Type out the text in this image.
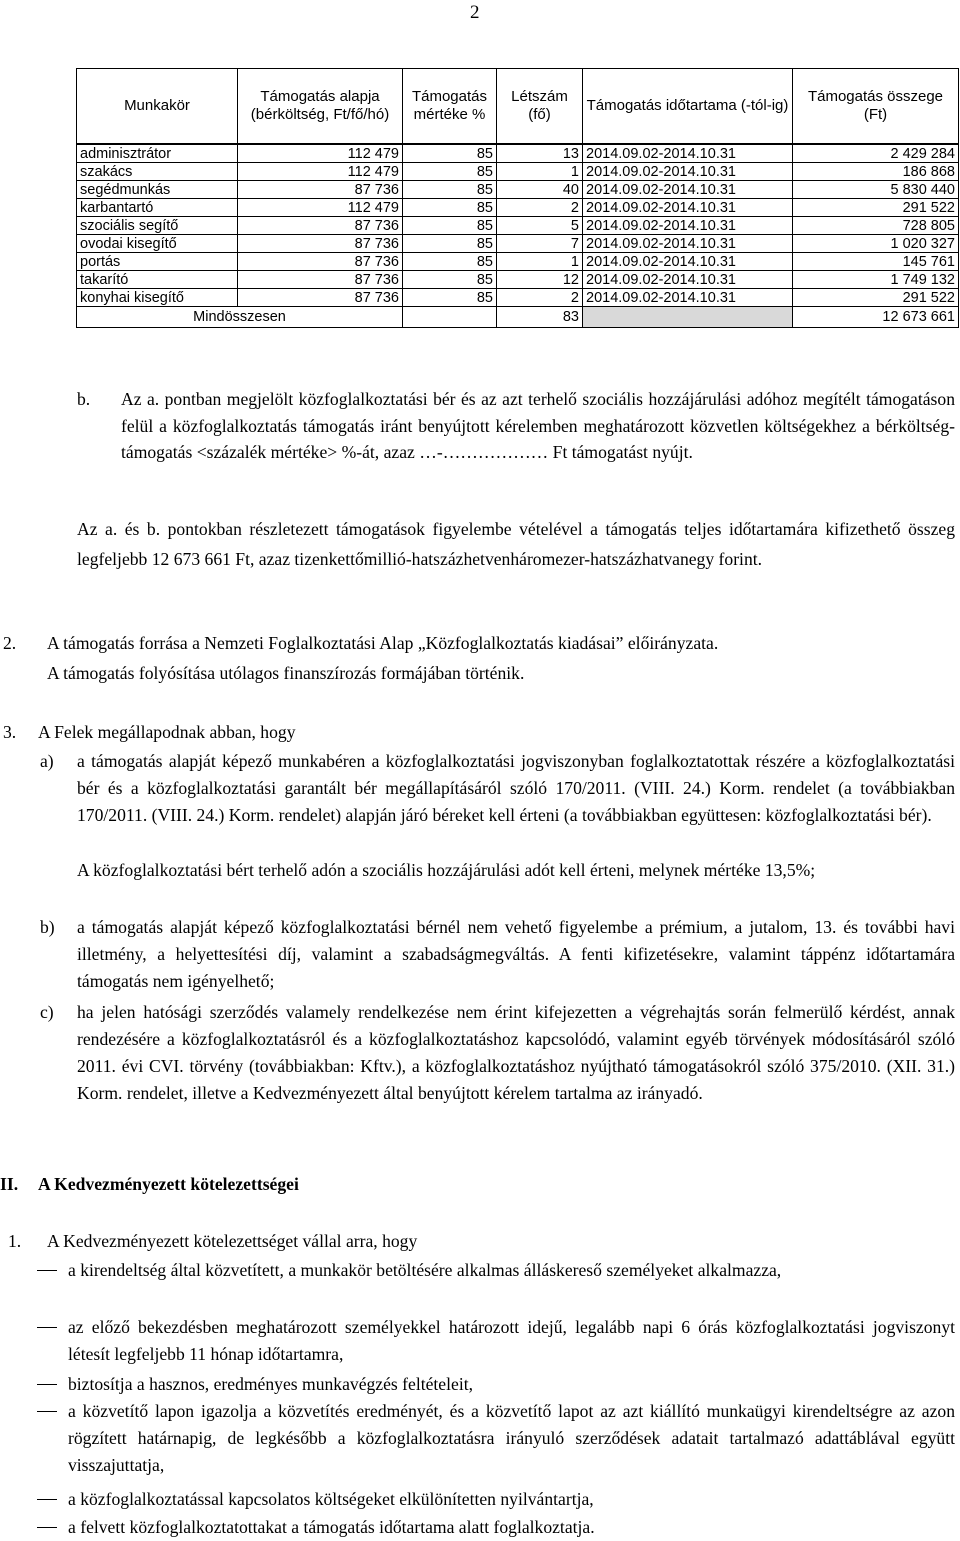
2
Munkakör	Támogatás alapja (bérköltség, Ft/fő/hó)	Támogatás mértéke %	Létszám (fő)	Támogatás időtartama (-tól-ig)	Támogatás összege (Ft)
adminisztrátor	112 479	85	13	2014.09.02-2014.10.31	2 429 284
szakács	112 479	85	1	2014.09.02-2014.10.31	186 868
segédmunkás	87 736	85	40	2014.09.02-2014.10.31	5 830 440
karbantartó	112 479	85	2	2014.09.02-2014.10.31	291 522
szociális segítő	87 736	85	5	2014.09.02-2014.10.31	728 805
ovodai kisegítő	87 736	85	7	2014.09.02-2014.10.31	1 020 327
portás	87 736	85	1	2014.09.02-2014.10.31	145 761
takarító	87 736	85	12	2014.09.02-2014.10.31	1 749 132
konyhai kisegítő	87 736	85	2	2014.09.02-2014.10.31	291 522
Mindösszesen			83		12 673 661
b. Az a. pontban megjelölt közfoglalkoztatási bér és az azt terhelő szociális hozzájárulási adóhoz megítélt támogatáson felül a közfoglalkoztatás támogatás iránt benyújtott kérelemben meghatározott közvetlen költségekhez a bérköltség-támogatás <százalék mértéke> %-át, azaz …-……………… Ft támogatást nyújt.
Az a. és b. pontokban részletezett támogatások figyelembe vételével a támogatás teljes időtartamára kifizethető összeg legfeljebb 12 673 661 Ft, azaz tizenkettőmillió-hatszázhetvenháromezer-hatszázhatvanegy forint.
2. A támogatás forrása a Nemzeti Foglalkoztatási Alap „Közfoglalkoztatás kiadásai” előirányzata.
A támogatás folyósítása utólagos finanszírozás formájában történik.
3. A Felek megállapodnak abban, hogy
a) a támogatás alapját képező munkabéren a közfoglalkoztatási jogviszonyban foglalkoztatottak részére a közfoglalkoztatási bér és a közfoglalkoztatási garantált bér megállapításáról szóló 170/2011. (VIII. 24.) Korm. rendelet (a továbbiakban 170/2011. (VIII. 24.) Korm. rendelet) alapján járó béreket kell érteni (a továbbiakban együttesen: közfoglalkoztatási bér).
A közfoglalkoztatási bért terhelő adón a szociális hozzájárulási adót kell érteni, melynek mértéke 13,5%;
b) a támogatás alapját képező közfoglalkoztatási bérnél nem vehető figyelembe a prémium, a jutalom, 13. és további havi illetmény, a helyettesítési díj, valamint a szabadságmegváltás. A fenti kifizetésekre, valamint táppénz időtartamára támogatás nem igényelhető;
c) ha jelen hatósági szerződés valamely rendelkezése nem érint kifejezetten a végrehajtás során felmerülő kérdést, annak rendezésére a közfoglalkoztatásról és a közfoglalkoztatáshoz kapcsolódó, valamint egyéb törvények módosításáról szóló 2011. évi CVI. törvény (továbbiakban: Kftv.), a közfoglalkoztatáshoz nyújtható támogatásokról szóló 375/2010. (XII. 31.) Korm. rendelet, illetve a Kedvezményezett által benyújtott kérelem tartalma az irányadó.
II. A Kedvezményezett kötelezettségei
1. A Kedvezményezett kötelezettséget vállal arra, hogy
a kirendeltség által közvetített, a munkakör betöltésére alkalmas álláskereső személyeket alkalmazza,
az előző bekezdésben meghatározott személyekkel határozott idejű, legalább napi 6 órás közfoglalkoztatási jogviszonyt létesít legfeljebb 11 hónap időtartamra,
biztosítja a hasznos, eredményes munkavégzés feltételeit,
a közvetítő lapon igazolja a közvetítés eredményét, és a közvetítő lapot az azt kiállító munkaügyi kirendeltségre az azon rögzített határnapig, de legkésőbb a közfoglalkoztatásra irányuló szerződések adatait tartalmazó adattáblával együtt visszajuttatja,
a közfoglalkoztatással kapcsolatos költségeket elkülönítetten nyilvántartja,
a felvett közfoglalkoztatottakat a támogatás időtartama alatt foglalkoztatja.
